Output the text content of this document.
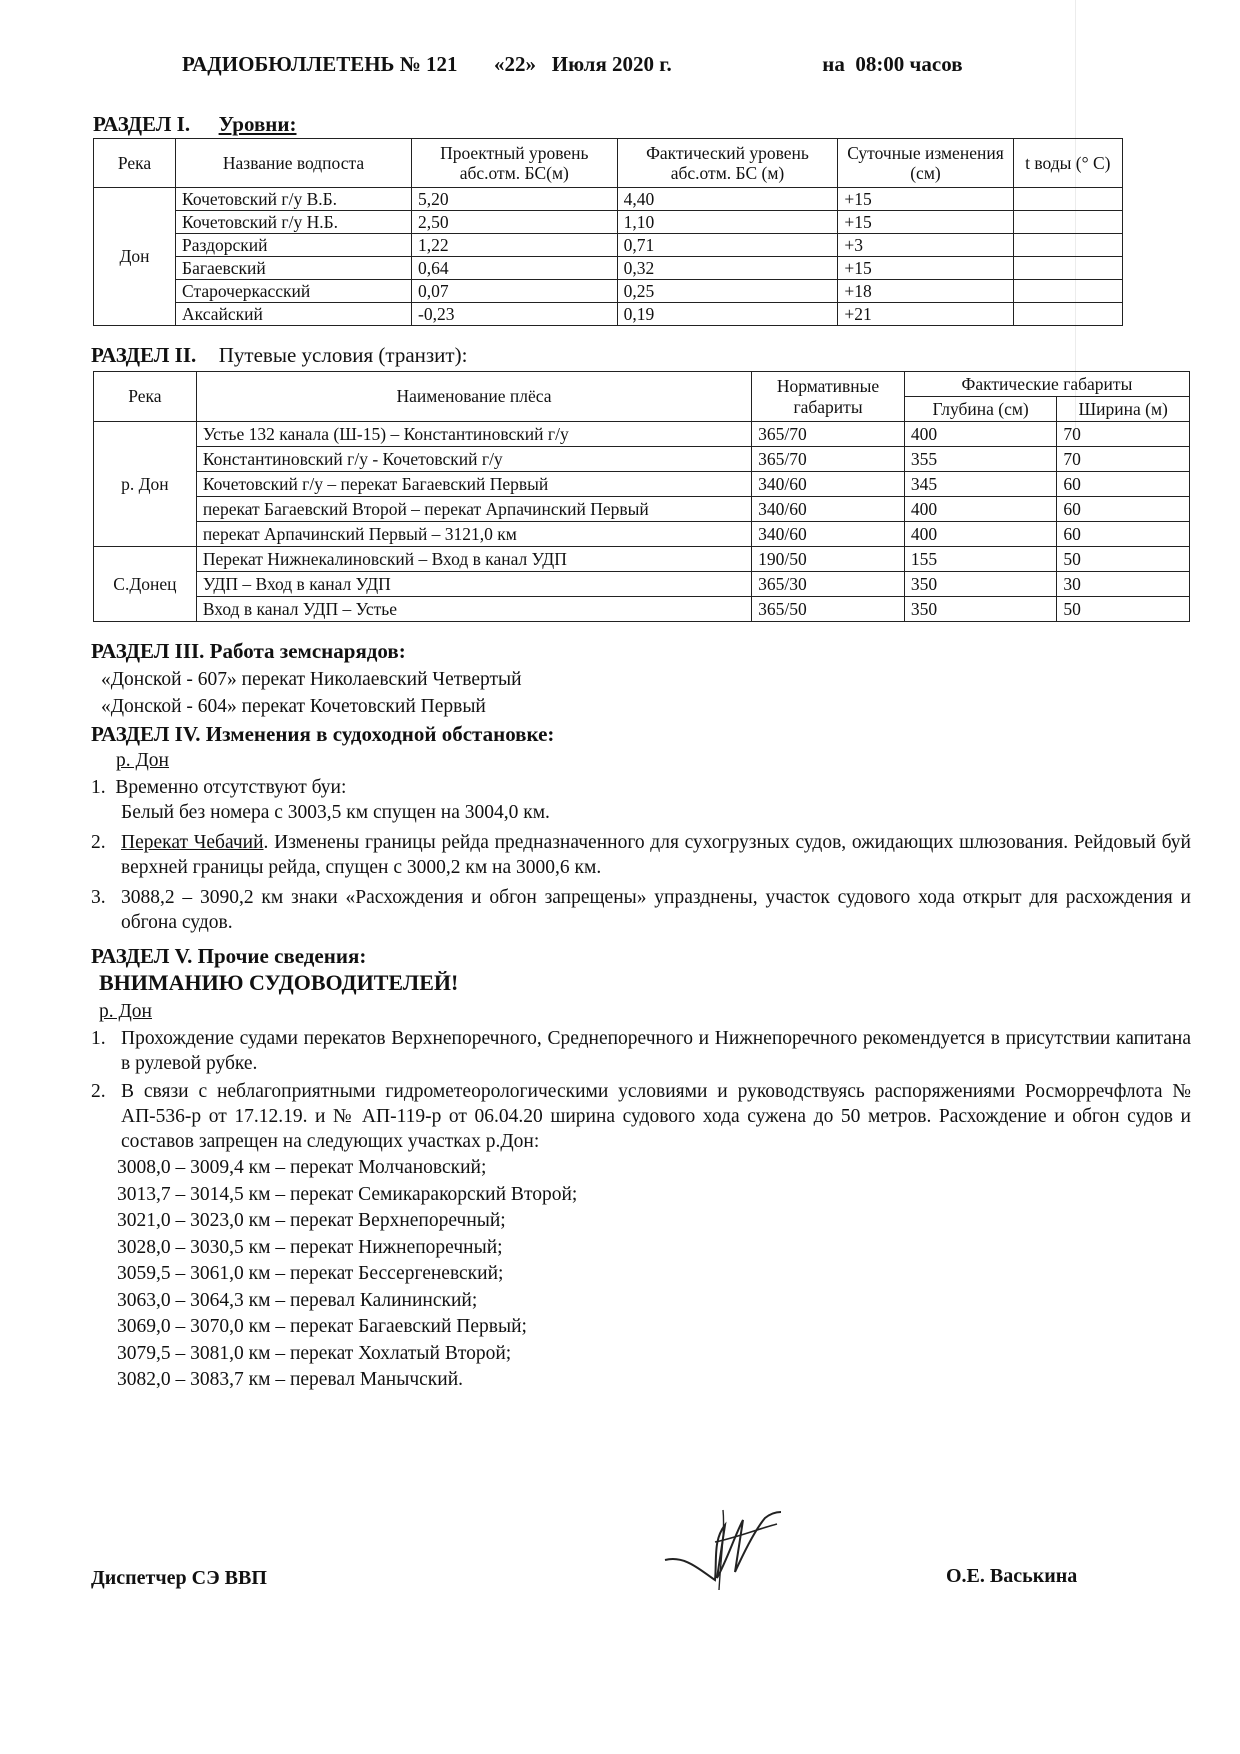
РАДИОБЮЛЛЕТЕНЬ № 121 «22»   Июля 2020 г.	на  08:00 часов
РАЗДЕЛ I. Уровни:
Река	Название водпоста	Проектный уровень абс.отм. БС(м)	Фактический уровень абс.отм. БС (м)	Суточные изменения (см)	t воды (° С)
Дон	Кочетовский г/у В.Б.	5,20	4,40	+15	
	Кочетовский г/у Н.Б.	2,50	1,10	+15	
	Раздорский	1,22	0,71	+3	
	Багаевский	0,64	0,32	+15	
	Старочеркасский	0,07	0,25	+18	
	Аксайский	-0,23	0,19	+21	
РАЗДЕЛ II. Путевые условия (транзит):
Река	Наименование плёса	Нормативные габариты	Фактические габариты	
			Глубина (см)	Ширина (м)
р. Дон	Устье 132 канала (Ш-15) – Константиновский г/у	365/70	400	70
	Константиновский г/у - Кочетовский г/у	365/70	355	70
	Кочетовский г/у – перекат Багаевский Первый	340/60	345	60
	перекат Багаевский Второй – перекат Арпачинский Первый	340/60	400	60
	перекат Арпачинский Первый – 3121,0 км	340/60	400	60
С.Донец	Перекат Нижнекалиновский – Вход в канал УДП	190/50	155	50
	УДП – Вход в канал УДП	365/30	350	30
	Вход в канал УДП – Устье	365/50	350	50
РАЗДЕЛ III. Работа земснарядов:
«Донской - 607» перекат Николаевский Четвертый
«Донской - 604» перекат Кочетовский Первый
РАЗДЕЛ IV. Изменения в судоходной обстановке:
р. Дон
1.  Временно отсутствуют буи:
Белый без номера с 3003,5 км спущен на 3004,0 км.
2. Перекат Чебачий. Изменены границы рейда предназначенного для сухогрузных судов, ожидающих шлюзования. Рейдовый буй верхней границы рейда, спущен с 3000,2 км на 3000,6 км.
3. 3088,2 – 3090,2 км знаки «Расхождения и обгон запрещены» упразднены, участок судового хода открыт для расхождения и обгона судов.
РАЗДЕЛ V. Прочие сведения:
ВНИМАНИЮ СУДОВОДИТЕЛЕЙ!
р. Дон
1. Прохождение судами перекатов Верхнепоречного, Среднепоречного и Нижнепоречного рекомендуется в присутствии капитана в рулевой рубке.
2. В связи с неблагоприятными гидрометеорологическими условиями и руководствуясь распоряжениями Росморречфлота № АП-536-р от 17.12.19. и № АП-119-р от 06.04.20 ширина судового хода сужена до 50 метров. Расхождение и обгон судов и составов запрещен на следующих участках р.Дон:
3008,0 – 3009,4 км – перекат Молчановский;
3013,7 – 3014,5 км – перекат Семикаракорский Второй;
3021,0 – 3023,0 км – перекат Верхнепоречный;
3028,0 – 3030,5 км – перекат Нижнепоречный;
3059,5 – 3061,0 км – перекат Бессергеневский;
3063,0 – 3064,3 км – перевал Калининский;
3069,0 – 3070,0 км – перекат Багаевский Первый;
3079,5 – 3081,0 км – перекат Хохлатый Второй;
3082,0 – 3083,7 км – перевал Манычский.
Диспетчер СЭ ВВП	О.Е. Васькина
